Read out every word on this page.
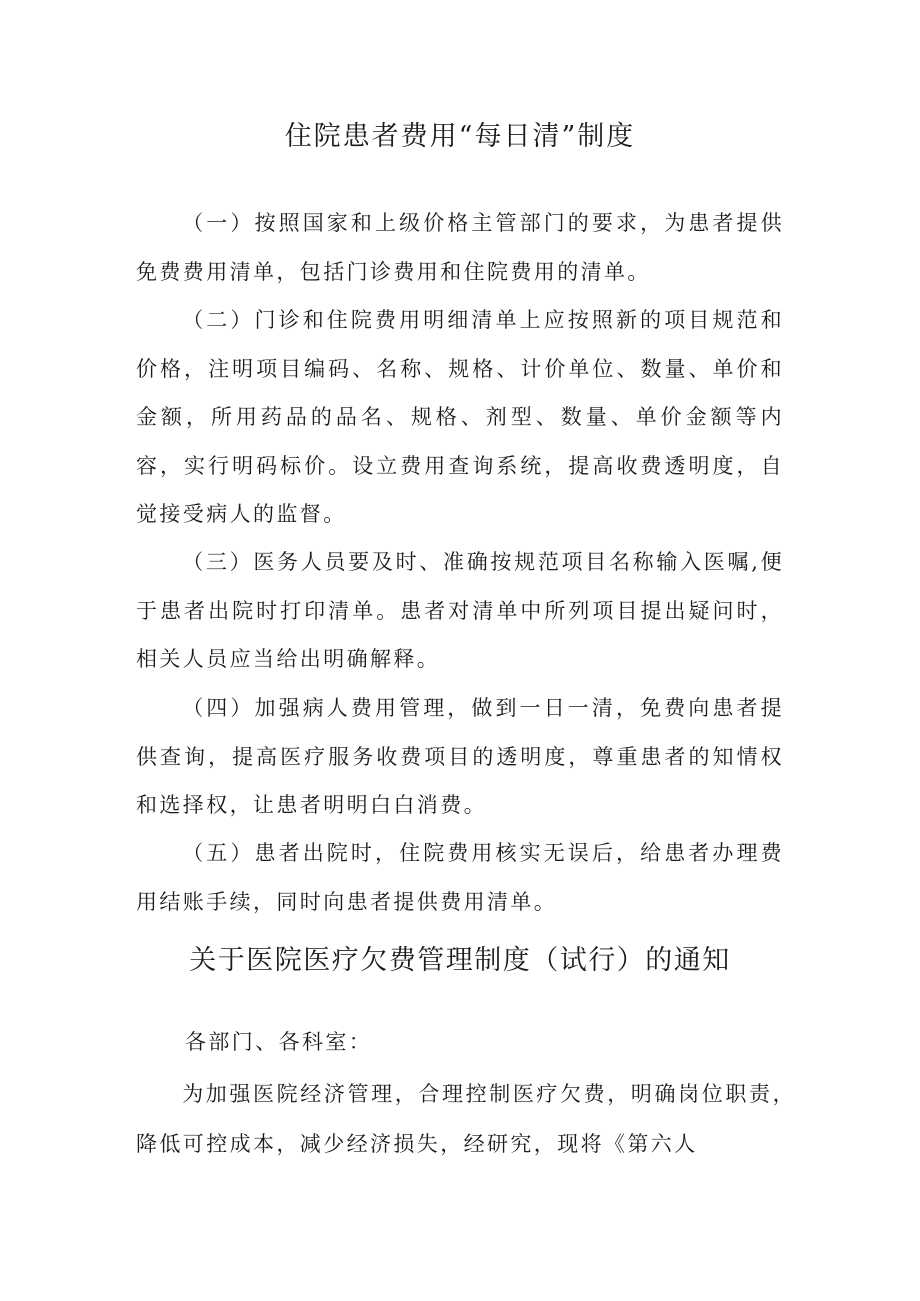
住院患者费用“每日清”制度

（一）按照国家和上级价格主管部门的要求，为患者提供免费费用清单，包括门诊费用和住院费用的清单。

（二）门诊和住院费用明细清单上应按照新的项目规范和价格，注明项目编码、名称、规格、计价单位、数量、单价和金额，所用药品的品名、规格、剂型、数量、单价金额等内容，实行明码标价。设立费用查询系统，提高收费透明度，自觉接受病人的监督。

（三）医务人员要及时、准确按规范项目名称输入医嘱,便于患者出院时打印清单。患者对清单中所列项目提出疑问时，相关人员应当给出明确解释。

（四）加强病人费用管理，做到一日一清，免费向患者提供查询，提高医疗服务收费项目的透明度，尊重患者的知情权和选择权，让患者明明白白消费。

（五）患者出院时，住院费用核实无误后，给患者办理费用结账手续，同时向患者提供费用清单。

关于医院医疗欠费管理制度（试行）的通知

各部门、各科室：

为加强医院经济管理，合理控制医疗欠费，明确岗位职责，降低可控成本，减少经济损失，经研究，现将《第六人
